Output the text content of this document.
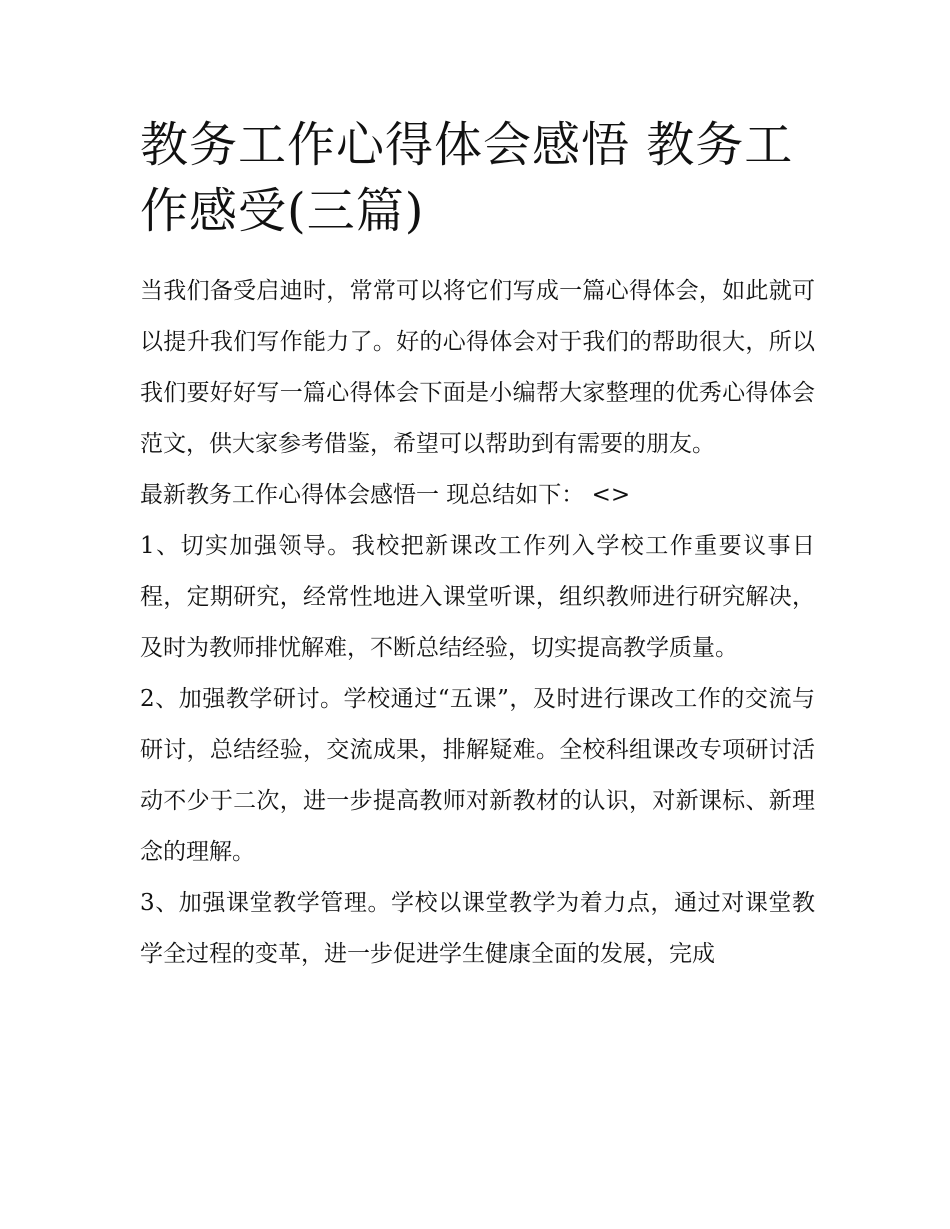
教务工作心得体会感悟 教务工作感受(三篇)

当我们备受启迪时，常常可以将它们写成一篇心得体会，如此就可以提升我们写作能力了。好的心得体会对于我们的帮助很大，所以我们要好好写一篇心得体会下面是小编帮大家整理的优秀心得体会范文，供大家参考借鉴，希望可以帮助到有需要的朋友。

最新教务工作心得体会感悟一 现总结如下： <>

1、切实加强领导。我校把新课改工作列入学校工作重要议事日程，定期研究，经常性地进入课堂听课，组织教师进行研究解决，及时为教师排忧解难，不断总结经验，切实提高教学质量。

2、加强教学研讨。学校通过“五课”，及时进行课改工作的交流与研讨，总结经验，交流成果，排解疑难。全校科组课改专项研讨活动不少于二次，进一步提高教师对新教材的认识，对新课标、新理念的理解。

3、加强课堂教学管理。学校以课堂教学为着力点，通过对课堂教学全过程的变革，进一步促进学生健康全面的发展，完成
